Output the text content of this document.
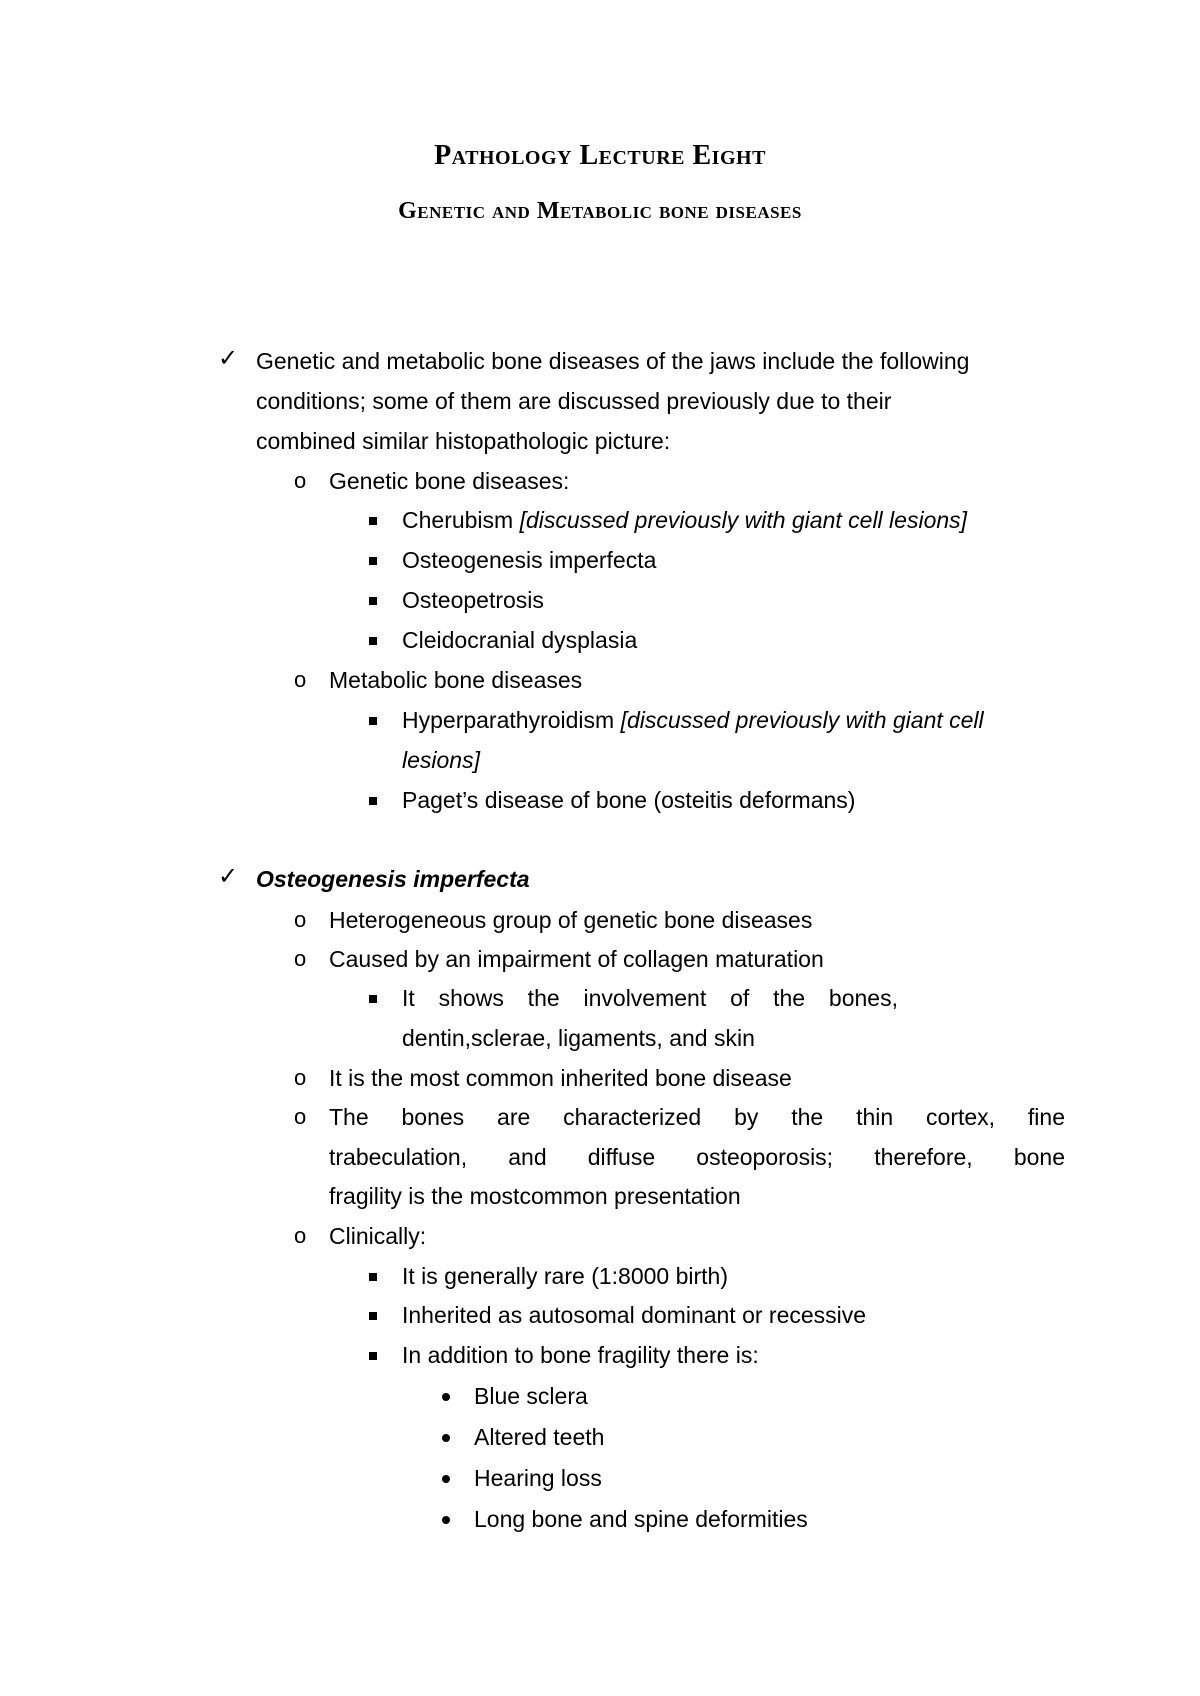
Pathology Lecture Eight
Genetic and Metabolic bone diseases
✓ Genetic and metabolic bone diseases of the jaws include the following
conditions; some of them are discussed previously due to their
combined similar histopathologic picture:
o Genetic bone diseases:
Cherubism [discussed previously with giant cell lesions]
Osteogenesis imperfecta
Osteopetrosis
Cleidocranial dysplasia
o Metabolic bone diseases
Hyperparathyroidism [discussed previously with giant cell
lesions]
Paget’s disease of bone (osteitis deformans)
✓ Osteogenesis imperfecta
o Heterogeneous group of genetic bone diseases
o Caused by an impairment of collagen maturation
It shows the involvement of the bones,
dentin,sclerae, ligaments, and skin
o It is the most common inherited bone disease
o The bones are characterized by the thin cortex, fine
trabeculation, and diffuse osteoporosis; therefore, bone
fragility is the mostcommon presentation
o Clinically:
It is generally rare (1:8000 birth)
Inherited as autosomal dominant or recessive
In addition to bone fragility there is:
Blue sclera
Altered teeth
Hearing loss
Long bone and spine deformities
